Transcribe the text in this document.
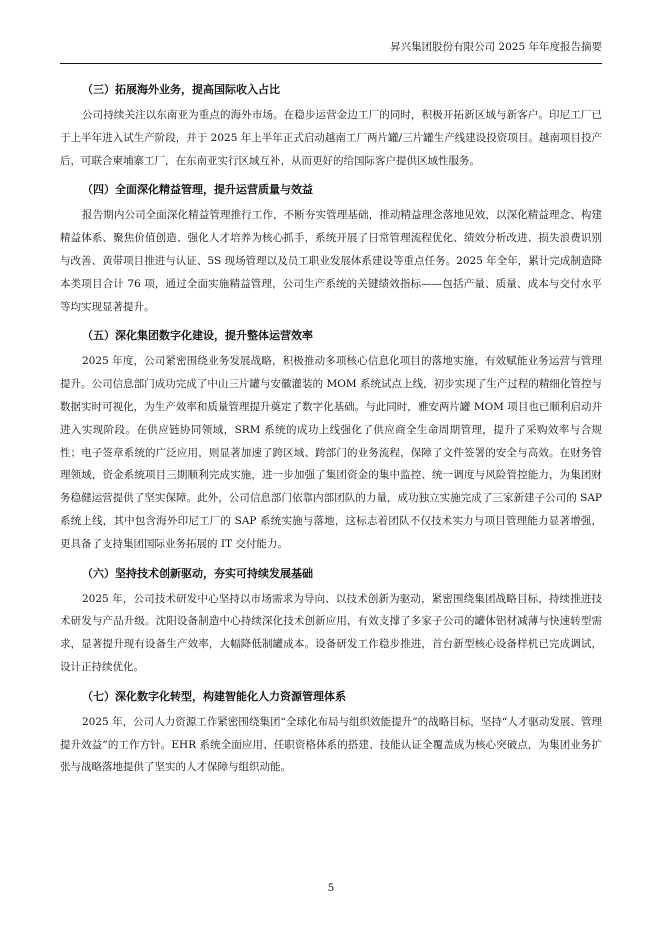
昇兴集团股份有限公司 2025 年年度报告摘要
（三）拓展海外业务，提高国际收入占比

公司持续关注以东南亚为重点的海外市场。在稳步运营金边工厂的同时，积极开拓新区域与新客户。印尼工厂已于上半年进入试生产阶段，并于 2025 年上半年正式启动越南工厂两片罐/三片罐生产线建设投资项目。越南项目投产后，可联合柬埔寨工厂，在东南亚实行区域互补，从而更好的给国际客户提供区域性服务。

（四）全面深化精益管理，提升运营质量与效益

报告期内公司全面深化精益管理推行工作，不断夯实管理基础，推动精益理念落地见效，以深化精益理念、构建精益体系、聚焦价值创造、强化人才培养为核心抓手，系统开展了日常管理流程优化、绩效分析改进、损失浪费识别与改善、黄带项目推进与认证、5S 现场管理以及员工职业发展体系建设等重点任务。2025 年全年，累计完成制造降本类项目合计 76 项，通过全面实施精益管理，公司生产系统的关键绩效指标——包括产量、质量、成本与交付水平等均实现显著提升。

（五）深化集团数字化建设，提升整体运营效率

2025 年度，公司紧密围绕业务发展战略，积极推动多项核心信息化项目的落地实施，有效赋能业务运营与管理提升。公司信息部门成功完成了中山三片罐与安徽灌装的 MOM 系统试点上线，初步实现了生产过程的精细化管控与数据实时可视化，为生产效率和质量管理提升奠定了数字化基础。与此同时，雅安两片罐 MOM 项目也已顺利启动并进入实现阶段。在供应链协同领域，SRM 系统的成功上线强化了供应商全生命周期管理，提升了采购效率与合规性；电子签章系统的广泛应用，则显著加速了跨区域、跨部门的业务流程，保障了文件签署的安全与高效。在财务管理领域，资金系统项目三期顺利完成实施，进一步加强了集团资金的集中监控、统一调度与风险管控能力，为集团财务稳健运营提供了坚实保障。此外，公司信息部门依靠内部团队的力量，成功独立实施完成了三家新建子公司的 SAP 系统上线，其中包含海外印尼工厂的 SAP 系统实施与落地，这标志着团队不仅技术实力与项目管理能力显著增强，更具备了支持集团国际业务拓展的 IT 交付能力。

（六）坚持技术创新驱动，夯实可持续发展基础

2025 年，公司技术研发中心坚持以市场需求为导向、以技术创新为驱动，紧密围绕集团战略目标，持续推进技术研发与产品升级。沈阳设备制造中心持续深化技术创新应用，有效支撑了多家子公司的罐体铝材减薄与快速转型需求，显著提升现有设备生产效率，大幅降低制罐成本。设备研发工作稳步推进，首台新型核心设备样机已完成调试，设计正持续优化。

（七）深化数字化转型，构建智能化人力资源管理体系

2025 年，公司人力资源工作紧密围绕集团“全球化布局与组织效能提升”的战略目标，坚持“人才驱动发展、管理提升效益”的工作方针。EHR 系统全面应用、任职资格体系的搭建、技能认证全覆盖成为核心突破点，为集团业务扩张与战略落地提供了坚实的人才保障与组织动能。

5
